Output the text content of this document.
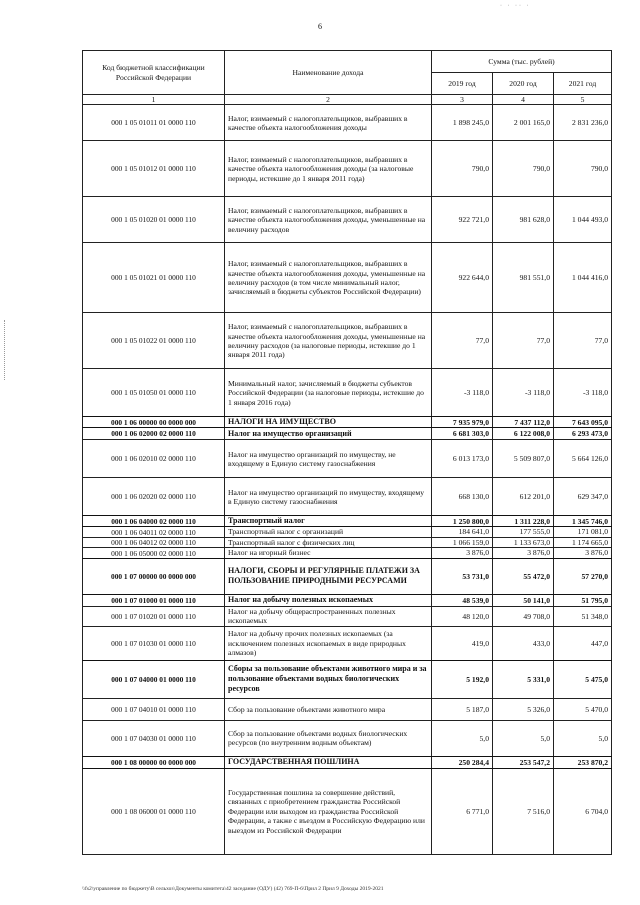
6
· · ·· ·
Код бюджетной классификации Российской Федерации	Наименование дохода	Сумма (тыс. рублей)		
		2019 год	2020 год	2021 год
1	2	3	4	5
000 1 05 01011 01 0000 110	Налог, взимаемый с налогоплательщиков, выбравших в качестве объекта налогообложения доходы	1 898 245,0	2 001 165,0	2 831 236,0
000 1 05 01012 01 0000 110	Налог, взимаемый с налогоплательщиков, выбравших в качестве объекта налогообложения доходы (за налоговые периоды, истекшие до 1 января 2011 года)	790,0	790,0	790,0
000 1 05 01020 01 0000 110	Налог, взимаемый с налогоплательщиков, выбравших в качестве объекта налогообложения доходы, уменьшенные на величину расходов	922 721,0	981 628,0	1 044 493,0
000 1 05 01021 01 0000 110	Налог, взимаемый с налогоплательщиков, выбравших в качестве объекта налогообложения доходы, уменьшенные на величину расходов (в том числе минимальный налог, зачисляемый в бюджеты субъектов Российской Федерации)	922 644,0	981 551,0	1 044 416,0
000 1 05 01022 01 0000 110	Налог, взимаемый с налогоплательщиков, выбравших в качестве объекта налогообложения доходы, уменьшенные на величину расходов (за налоговые периоды, истекшие до 1 января 2011 года)	77,0	77,0	77,0
000 1 05 01050 01 0000 110	Минимальный налог, зачисляемый в бюджеты субъектов Российской Федерации (за налоговые периоды, истекшие до 1 января 2016 года)	-3 118,0	-3 118,0	-3 118,0
000 1 06 00000 00 0000 000	НАЛОГИ НА ИМУЩЕСТВО	7 935 979,0	7 437 112,0	7 643 095,0
000 1 06 02000 02 0000 110	Налог на имущество организаций	6 681 303,0	6 122 008,0	6 293 473,0
000 1 06 02010 02 0000 110	Налог на имущество организаций по имуществу, не входящему в Единую систему газоснабжения	6 013 173,0	5 509 807,0	5 664 126,0
000 1 06 02020 02 0000 110	Налог на имущество организаций по имуществу, входящему в Единую систему газоснабжения	668 130,0	612 201,0	629 347,0
000 1 06 04000 02 0000 110	Транспортный налог	1 250 800,0	1 311 228,0	1 345 746,0
000 1 06 04011 02 0000 110	Транспортный налог с организаций	184 641,0	177 555,0	171 081,0
000 1 06 04012 02 0000 110	Транспортный налог с физических лиц	1 066 159,0	1 133 673,0	1 174 665,0
000 1 06 05000 02 0000 110	Налог на игорный бизнес	3 876,0	3 876,0	3 876,0
000 1 07 00000 00 0000 000	НАЛОГИ, СБОРЫ И РЕГУЛЯРНЫЕ ПЛАТЕЖИ ЗА ПОЛЬЗОВАНИЕ ПРИРОДНЫМИ РЕСУРСАМИ	53 731,0	55 472,0	57 270,0
000 1 07 01000 01 0000 110	Налог на добычу полезных ископаемых	48 539,0	50 141,0	51 795,0
000 1 07 01020 01 0000 110	Налог на добычу общераспространенных полезных ископаемых	48 120,0	49 708,0	51 348,0
000 1 07 01030 01 0000 110	Налог на добычу прочих полезных ископаемых (за исключением полезных ископаемых в виде природных алмазов)	419,0	433,0	447,0
000 1 07 04000 01 0000 110	Сборы за пользование объектами животного мира и за пользование объектами водных биологических ресурсов	5 192,0	5 331,0	5 475,0
000 1 07 04010 01 0000 110	Сбор за пользование объектами животного мира	5 187,0	5 326,0	5 470,0
000 1 07 04030 01 0000 110	Сбор за пользование объектами водных биологических ресурсов (по внутренним водным объектам)	5,0	5,0	5,0
000 1 08 00000 00 0000 000	ГОСУДАРСТВЕННАЯ ПОШЛИНА	250 284,4	253 547,2	253 870,2
000 1 08 06000 01 0000 110	Государственная пошлина за совершение действий, связанных с приобретением гражданства Российской Федерации или выходом из гражданства Российской Федерации, а также с въездом в Российскую Федерацию или выездом из Российской Федерации	6 771,0	7 516,0	6 704,0
\\fs2\управление по бюджету\В сельхоз\Документы комитета\42 заседание (ОДУ) (42) 769-П-6\Прил 2 Прил 9 Доходы 2019-2021
